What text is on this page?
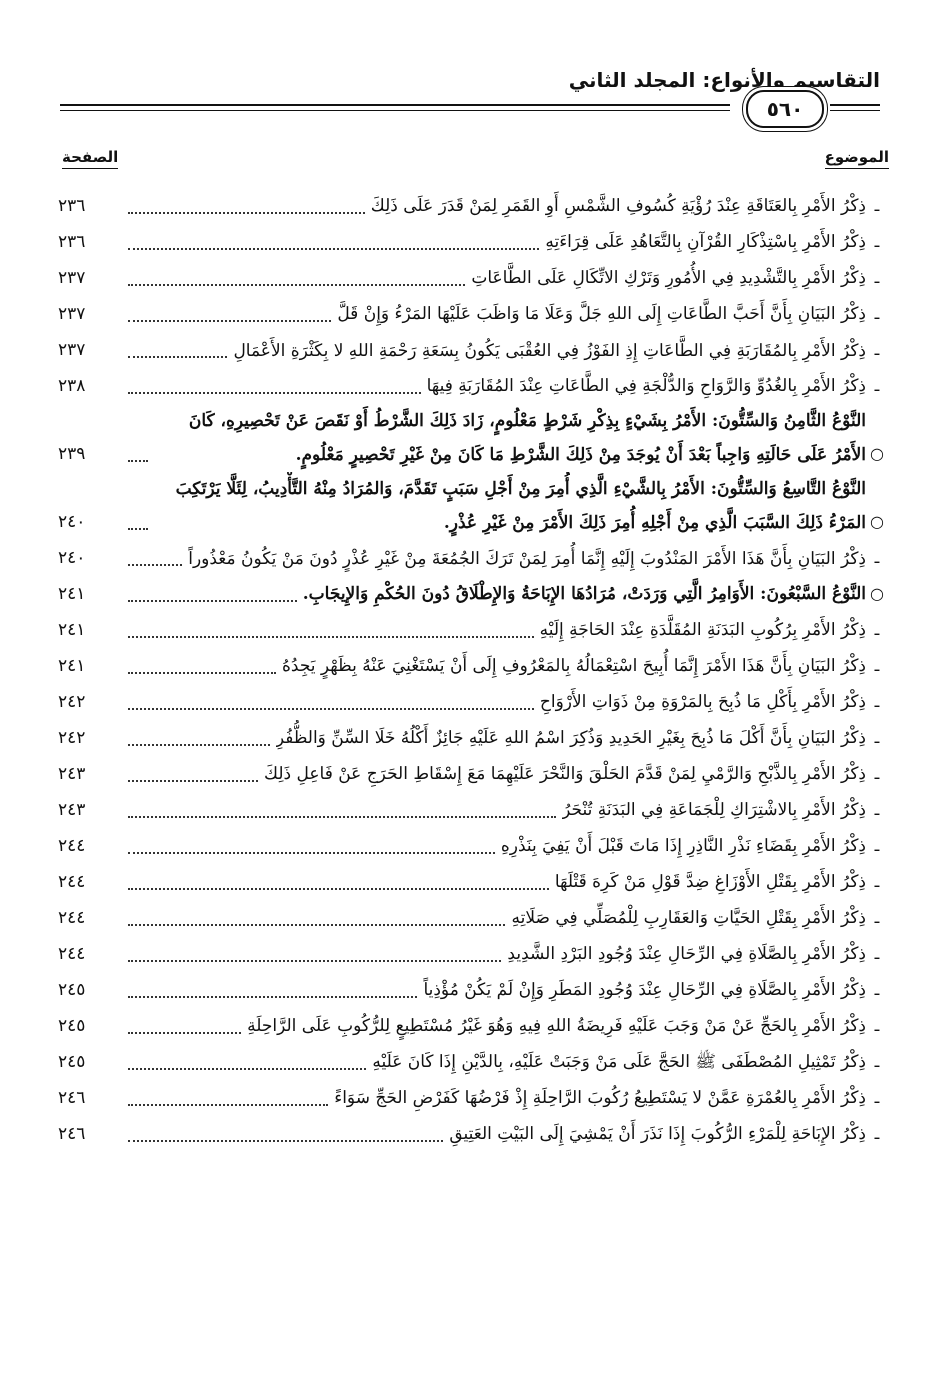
التقاسيم والأنواع: المجلد الثاني
٥٦٠
الموضوع
الصفحة
ـ
ذِكْرُ الأَمْرِ بِالعَتَاقَةِ عِنْدَ رُؤْيَةِ كُسُوفِ الشَّمْسِ أَوِ القَمَرِ لِمَنْ قَدَرَ عَلَى ذَلِكَ
٢٣٦
ـ
ذِكْرُ الأَمْرِ بِاسْتِذْكَارِ القُرْآنِ بِالتَّعَاهُدِ عَلَى قِرَاءَتِهِ
٢٣٦
ـ
ذِكْرُ الأَمْرِ بِالتَّشْدِيدِ فِي الأُمُورِ وَتَرْكِ الاتِّكَالِ عَلَى الطَّاعَاتِ
٢٣٧
ـ
ذِكْرُ البَيَانِ بِأَنَّ أَحَبَّ الطَّاعَاتِ إِلَى اللهِ جَلَّ وَعَلَا مَا وَاظَبَ عَلَيْهَا المَرْءُ وَإِنْ قَلَّ
٢٣٧
ـ
ذِكْرُ الأَمْرِ بِالمُقَارَبَةِ فِي الطَّاعَاتِ إِذِ الفَوْزُ فِي العُقْبَى يَكُونُ بِسَعَةِ رَحْمَةِ اللهِ لا بِكَثْرَةِ الأَعْمَالِ
٢٣٧
ـ
ذِكْرُ الأَمْرِ بِالغُدُوِّ وَالرَّوَاحِ وَالدُّلْجَةِ فِي الطَّاعَاتِ عِنْدَ المُقَارَبَةِ فِيهَا
٢٣٨
○
النَّوْعُ الثَّامِنُ وَالسِّتُّونَ: الأَمْرُ بِشَيْءٍ بِذِكْرِ شَرْطٍ مَعْلُومٍ، زَادَ ذَلِكَ الشَّرْطُ أَوْ نَقَصَ عَنْ تَحْصِيرِهِ، كَانَ الأَمْرُ عَلَى حَالَتِهِ وَاجِباً بَعْدَ أَنْ يُوجَدَ مِنْ ذَلِكَ الشَّرْطِ مَا كَانَ مِنْ غَيْرِ تَحْصِيرٍ مَعْلُومٍ.
٢٣٩
○
النَّوْعُ التَّاسِعُ وَالسِّتُّونَ: الأَمْرُ بِالشَّيْءِ الَّذِي أُمِرَ مِنْ أَجْلِ سَبَبٍ تَقَدَّمَ، وَالمُرَادُ مِنْهُ التَّأْدِيبُ، لِئَلَّا يَرْتَكِبَ المَرْءُ ذَلِكَ السَّبَبَ الَّذِي مِنْ أَجْلِهِ أُمِرَ ذَلِكَ الأَمْرَ مِنْ غَيْرِ عُذْرٍ.
٢٤٠
ـ
ذِكْرُ البَيَانِ بِأَنَّ هَذَا الأَمْرَ المَنْدُوبَ إِلَيْهِ إِنَّمَا أُمِرَ لِمَنْ تَرَكَ الجُمُعَةَ مِنْ غَيْرِ عُذْرٍ دُونَ مَنْ يَكُونُ مَعْذُوراً
٢٤٠
○
النَّوْعُ السَّبْعُونَ: الأَوَامِرُ الَّتِي وَرَدَتْ، مُرَادُهَا الإِبَاحَةُ وَالإِطْلَاقُ دُونَ الحُكْمِ وَالإِيجَابِ.
٢٤١
ـ
ذِكْرُ الأَمْرِ بِرُكُوبِ البَدَنَةِ المُقَلَّدَةِ عِنْدَ الحَاجَةِ إِلَيْهِ
٢٤١
ـ
ذِكْرُ البَيَانِ بِأَنَّ هَذَا الأَمْرَ إِنَّمَا أُبِيحَ اسْتِعْمَالُهُ بِالمَعْرُوفِ إِلَى أَنْ يَسْتَغْنِيَ عَنْهُ بِظَهْرٍ يَجِدُهُ
٢٤١
ـ
ذِكْرُ الأَمْرِ بِأَكْلِ مَا ذُبِحَ بِالمَرْوَةِ مِنْ ذَوَاتِ الأَرْوَاحِ
٢٤٢
ـ
ذِكْرُ البَيَانِ بِأَنَّ أَكْلَ مَا ذُبِحَ بِغَيْرِ الحَدِيدِ وَذُكِرَ اسْمُ اللهِ عَلَيْهِ جَائِزٌ أَكْلُهُ خَلَا السِّنِّ وَالظُّفُرِ
٢٤٢
ـ
ذِكْرُ الأَمْرِ بِالذَّبْحِ وَالرَّمْيِ لِمَنْ قَدَّمَ الحَلْقَ وَالنَّحْرَ عَلَيْهِمَا مَعَ إِسْقَاطِ الحَرَجِ عَنْ فَاعِلِ ذَلِكَ
٢٤٣
ـ
ذِكْرُ الأَمْرِ بِالاشْتِرَاكِ لِلْجَمَاعَةِ فِي البَدَنَةِ تُنْحَرُ
٢٤٣
ـ
ذِكْرُ الأَمْرِ بِقَضَاءِ نَذْرِ النَّاذِرِ إِذَا مَاتَ قَبْلَ أَنْ يَفِيَ بِنَذْرِهِ
٢٤٤
ـ
ذِكْرُ الأَمْرِ بِقَتْلِ الأَوْزَاغِ ضِدَّ قَوْلِ مَنْ كَرِهَ قَتْلَهَا
٢٤٤
ـ
ذِكْرُ الأَمْرِ بِقَتْلِ الحَيَّاتِ وَالعَقَارِبِ لِلْمُصَلِّي فِي صَلَاتِهِ
٢٤٤
ـ
ذِكْرُ الأَمْرِ بِالصَّلَاةِ فِي الرِّحَالِ عِنْدَ وُجُودِ البَرْدِ الشَّدِيدِ
٢٤٤
ـ
ذِكْرُ الأَمْرِ بِالصَّلَاةِ فِي الرِّحَالِ عِنْدَ وُجُودِ المَطَرِ وَإِنْ لَمْ يَكُنْ مُؤْذِياً
٢٤٥
ـ
ذِكْرُ الأَمْرِ بِالحَجِّ عَنْ مَنْ وَجَبَ عَلَيْهِ فَرِيضَةُ اللهِ فِيهِ وَهُوَ غَيْرُ مُسْتَطِيعٍ لِلرُّكُوبِ عَلَى الرَّاحِلَةِ
٢٤٥
ـ
ذِكْرُ تَمْثِيلِ المُصْطَفَى ﷺ الحَجَّ عَلَى مَنْ وَجَبَتْ عَلَيْهِ، بِالدَّيْنِ إِذَا كَانَ عَلَيْهِ
٢٤٥
ـ
ذِكْرُ الأَمْرِ بِالعُمْرَةِ عَمَّنْ لا يَسْتَطِيعُ رُكُوبَ الرَّاحِلَةِ إِذْ فَرْضُهَا كَفَرْضِ الحَجِّ سَوَاءً
٢٤٦
ـ
ذِكْرُ الإِبَاحَةِ لِلْمَرْءِ الرُّكُوبَ إِذَا نَذَرَ أَنْ يَمْشِيَ إِلَى البَيْتِ العَتِيقِ
٢٤٦
